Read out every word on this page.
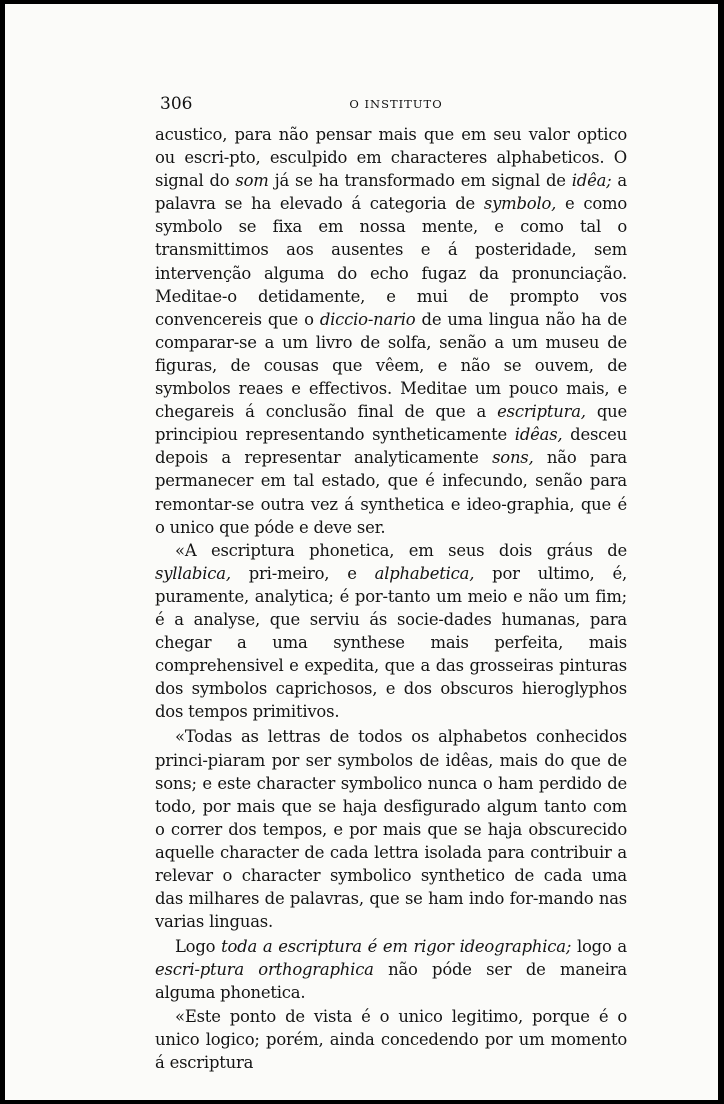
306	O INSTITUTO

acustico, para não pensar mais que em seu valor optico ou escri-pto, esculpido em characteres alphabeticos. O signal do som já se ha transformado em signal de idêa; a palavra se ha elevado á categoria de symbolo, e como symbolo se fixa em nossa mente, e como tal o transmittimos aos ausentes e á posteridade, sem intervenção alguma do echo fugaz da pronunciação. Meditae-o detidamente, e mui de prompto vos convencereis que o diccio-nario de uma lingua não ha de comparar-se a um livro de solfa, senão a um museu de figuras, de cousas que vêem, e não se ouvem, de symbolos reaes e effectivos. Meditae um pouco mais, e chegareis á conclusão final de que a escriptura, que principiou representando syntheticamente idêas, desceu depois a representar analyticamente sons, não para permanecer em tal estado, que é infecundo, senão para remontar-se outra vez á synthetica e ideo-graphia, que é o unico que póde e deve ser.

«A escriptura phonetica, em seus dois gráus de syllabica, pri-meiro, e alphabetica, por ultimo, é, puramente, analytica; é por-tanto um meio e não um fim; é a analyse, que serviu ás socie-dades humanas, para chegar a uma synthese mais perfeita, mais comprehensivel e expedita, que a das grosseiras pinturas dos symbolos caprichosos, e dos obscuros hieroglyphos dos tempos primitivos.

«Todas as lettras de todos os alphabetos conhecidos princi-piaram por ser symbolos de idêas, mais do que de sons; e este character symbolico nunca o ham perdido de todo, por mais que se haja desfigurado algum tanto com o correr dos tempos, e por mais que se haja obscurecido aquelle character de cada lettra isolada para contribuir a relevar o character symbolico synthetico de cada uma das milhares de palavras, que se ham indo for-mando nas varias linguas.

Logo toda a escriptura é em rigor ideographica; logo a escri-ptura orthographica não póde ser de maneira alguma phonetica.

«Este ponto de vista é o unico legitimo, porque é o unico logico; porém, ainda concedendo por um momento á escriptura
